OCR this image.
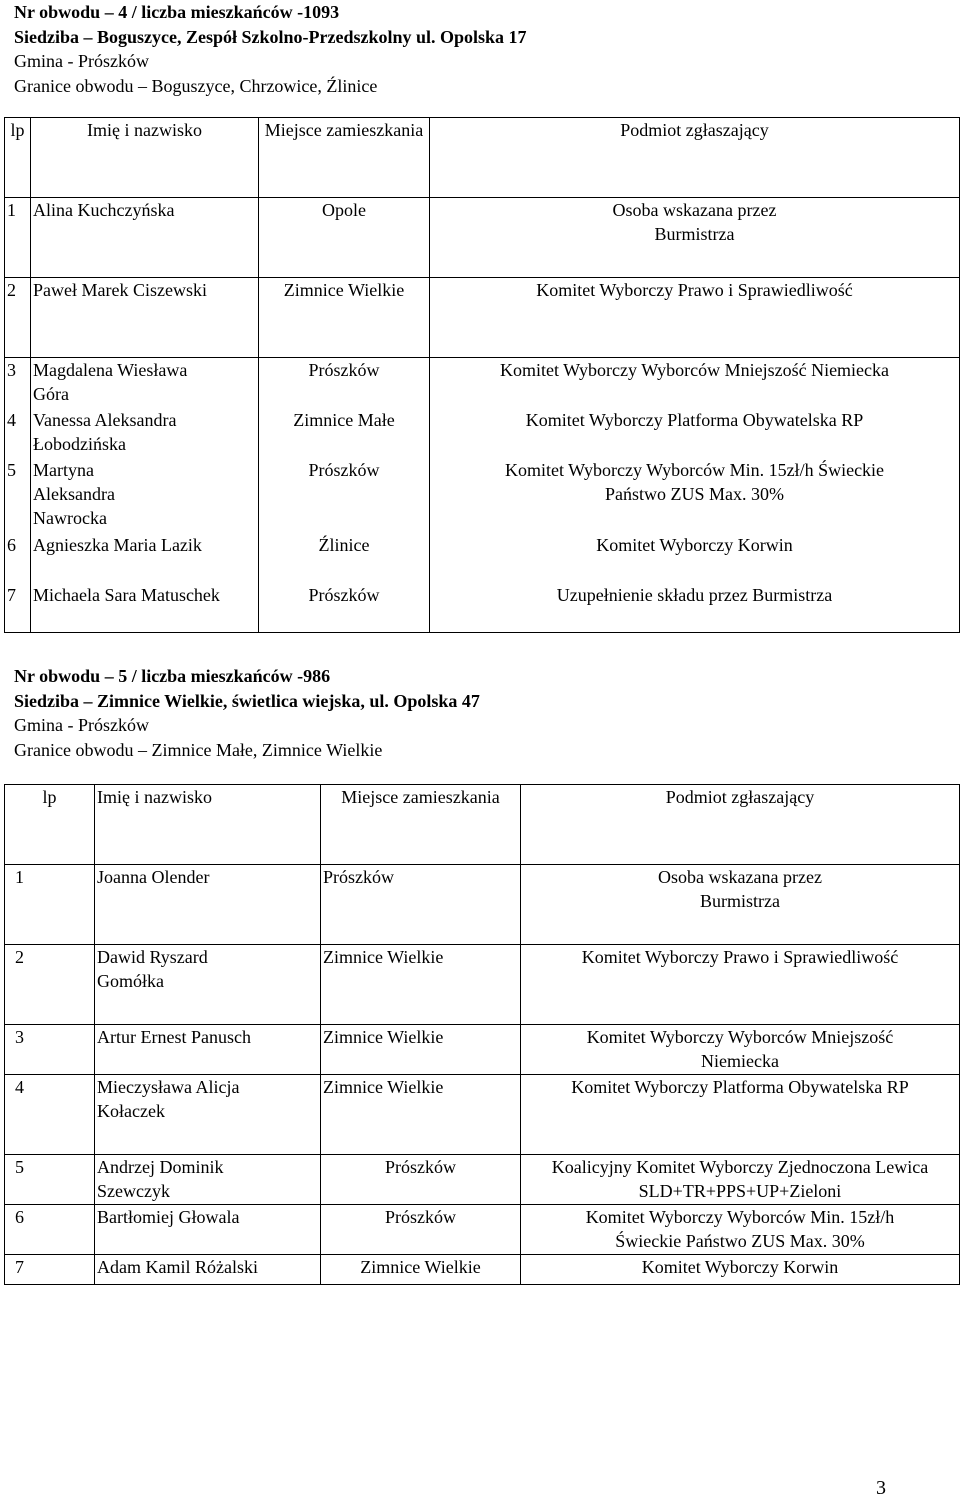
Nr obwodu – 4 / liczba mieszkańców -1093
Siedziba – Boguszyce, Zespół Szkolno-Przedszkolny ul. Opolska 17
Gmina - Prószków
Granice obwodu – Boguszyce, Chrzowice, Źlinice
lp	Imię i nazwisko	Miejsce zamieszkania	Podmiot zgłaszający
1	Alina Kuchczyńska	Opole	Osoba wskazana przez Burmistrza
2	Paweł Marek Ciszewski	Zimnice Wielkie	Komitet Wyborczy Prawo i Sprawiedliwość
3	Magdalena Wiesława Góra	Prószków	Komitet Wyborczy Wyborców Mniejszość Niemiecka
4	Vanessa Aleksandra Łobodzińska	Zimnice Małe	Komitet Wyborczy Platforma Obywatelska RP
5	Martyna Aleksandra Nawrocka	Prószków	Komitet Wyborczy Wyborców Min. 15zł/h Świeckie Państwo ZUS Max. 30%
6	Agnieszka Maria Lazik	Źlinice	Komitet Wyborczy Korwin
7	Michaela Sara Matuschek	Prószków	Uzupełnienie składu przez Burmistrza
Nr obwodu – 5 / liczba mieszkańców -986
Siedziba – Zimnice Wielkie, świetlica wiejska, ul. Opolska 47
Gmina - Prószków
Granice obwodu – Zimnice Małe, Zimnice Wielkie
lp	Imię i nazwisko	Miejsce zamieszkania	Podmiot zgłaszający
1	Joanna Olender	Prószków	Osoba wskazana przez Burmistrza
2	Dawid Ryszard Gomółka	Zimnice Wielkie	Komitet Wyborczy Prawo i Sprawiedliwość
3	Artur Ernest Panusch	Zimnice Wielkie	Komitet Wyborczy Wyborców Mniejszość Niemiecka
4	Mieczysława Alicja Kołaczek	Zimnice Wielkie	Komitet Wyborczy Platforma Obywatelska RP
5	Andrzej Dominik Szewczyk	Prószków	Koalicyjny Komitet Wyborczy Zjednoczona Lewica SLD+TR+PPS+UP+Zieloni
6	Bartłomiej Głowala	Prószków	Komitet Wyborczy Wyborców Min. 15zł/h Świeckie Państwo ZUS Max. 30%
7	Adam Kamil Różalski	Zimnice Wielkie	Komitet Wyborczy Korwin
3
